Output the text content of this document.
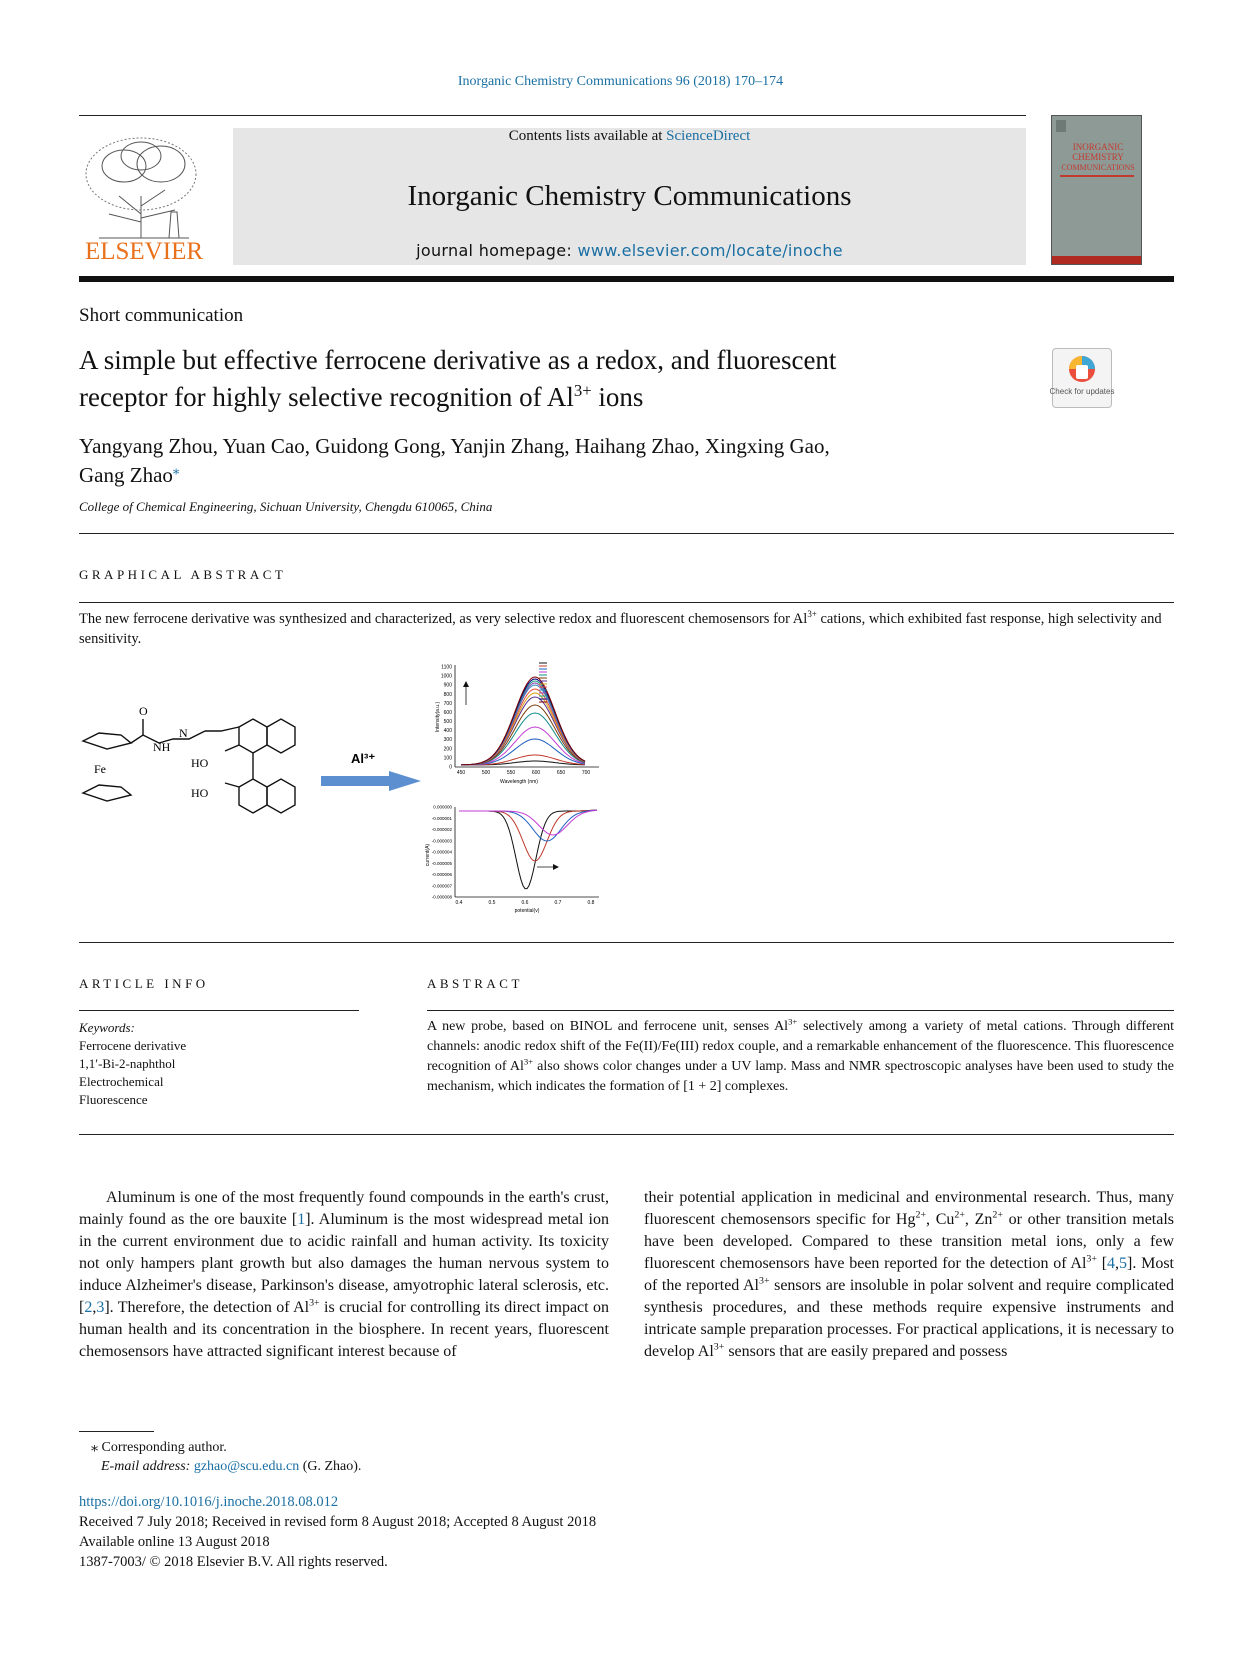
Inorganic Chemistry Communications 96 (2018) 170–174
ELSEVIER
Contents lists available at ScienceDirect
Inorganic Chemistry Communications
journal homepage: www.elsevier.com/locate/inoche
INORGANIC
CHEMISTRY
COMMUNICATIONS
Short communication
A simple but effective ferrocene derivative as a redox, and fluorescent
receptor for highly selective recognition of $Al^{3+}$ ions	Check for updates
Yangyang Zhou, Yuan Cao, Guidong Gong, Yanjin Zhang, Haihang Zhao, Xingxing Gao,
Gang Zhao⁎
College of Chemical Engineering, Sichuan University, Chengdu 610065, China
GRAPHICAL ABSTRACT
The new ferrocene derivative was synthesized and characterized, as very selective redox and fluorescent chemosensors for $Al^{3+}$ cations, which exhibited fast response, high selectivity and sensitivity.
O
NH
N
Fe	HO
HO
Al³⁺
0
100
200
300
400
500
600
700
800
900
1000
1100
450	500	550	600	650	700
Wavelength (nm)
Intensity(a.u.)
0.000000
-0.000001
-0.000002
-0.000003
-0.000004
-0.000005
-0.000006
-0.000007
-0.000008
0.4	0.5	0.6	0.7	0.8
potential(v)
current(A)
ARTICLE INFO	ABSTRACT
Keywords:
Ferrocene derivative
1,1′-Bi-2-naphthol
Electrochemical
Fluorescence
A new probe, based on BINOL and ferrocene unit, senses $Al^{3+}$ selectively among a variety of metal cations. Through different channels: anodic redox shift of the Fe(II)/Fe(III) redox couple, and a remarkable enhancement of the fluorescence. This fluorescence recognition of $Al^{3+}$ also shows color changes under a UV lamp. Mass and NMR spectroscopic analyses have been used to study the mechanism, which indicates the formation of [1 + 2] complexes.
Aluminum is one of the most frequently found compounds in the earth's crust, mainly found as the ore bauxite [1]. Aluminum is the most widespread metal ion in the current environment due to acidic rainfall and human activity. Its toxicity not only hampers plant growth but also damages the human nervous system to induce Alzheimer's disease, Parkinson's disease, amyotrophic lateral sclerosis, etc. [2,3]. Therefore, the detection of $Al^{3+}$ is crucial for controlling its direct impact on human health and its concentration in the biosphere. In recent years, fluorescent chemosensors have attracted significant interest because of
their potential application in medicinal and environmental research. Thus, many fluorescent chemosensors specific for $Hg^{2+}$, $Cu^{2+}$, $Zn^{2+}$ or other transition metals have been developed. Compared to these transition metal ions, only a few fluorescent chemosensors have been reported for the detection of $Al^{3+}$ [4,5]. Most of the reported $Al^{3+}$ sensors are insoluble in polar solvent and require complicated synthesis procedures, and these methods require expensive instruments and intricate sample preparation processes. For practical applications, it is necessary to develop $Al^{3+}$ sensors that are easily prepared and possess
⁎ Corresponding author.
E-mail address: gzhao@scu.edu.cn (G. Zhao).
https://doi.org/10.1016/j.inoche.2018.08.012
Received 7 July 2018; Received in revised form 8 August 2018; Accepted 8 August 2018
Available online 13 August 2018
1387-7003/ © 2018 Elsevier B.V. All rights reserved.
